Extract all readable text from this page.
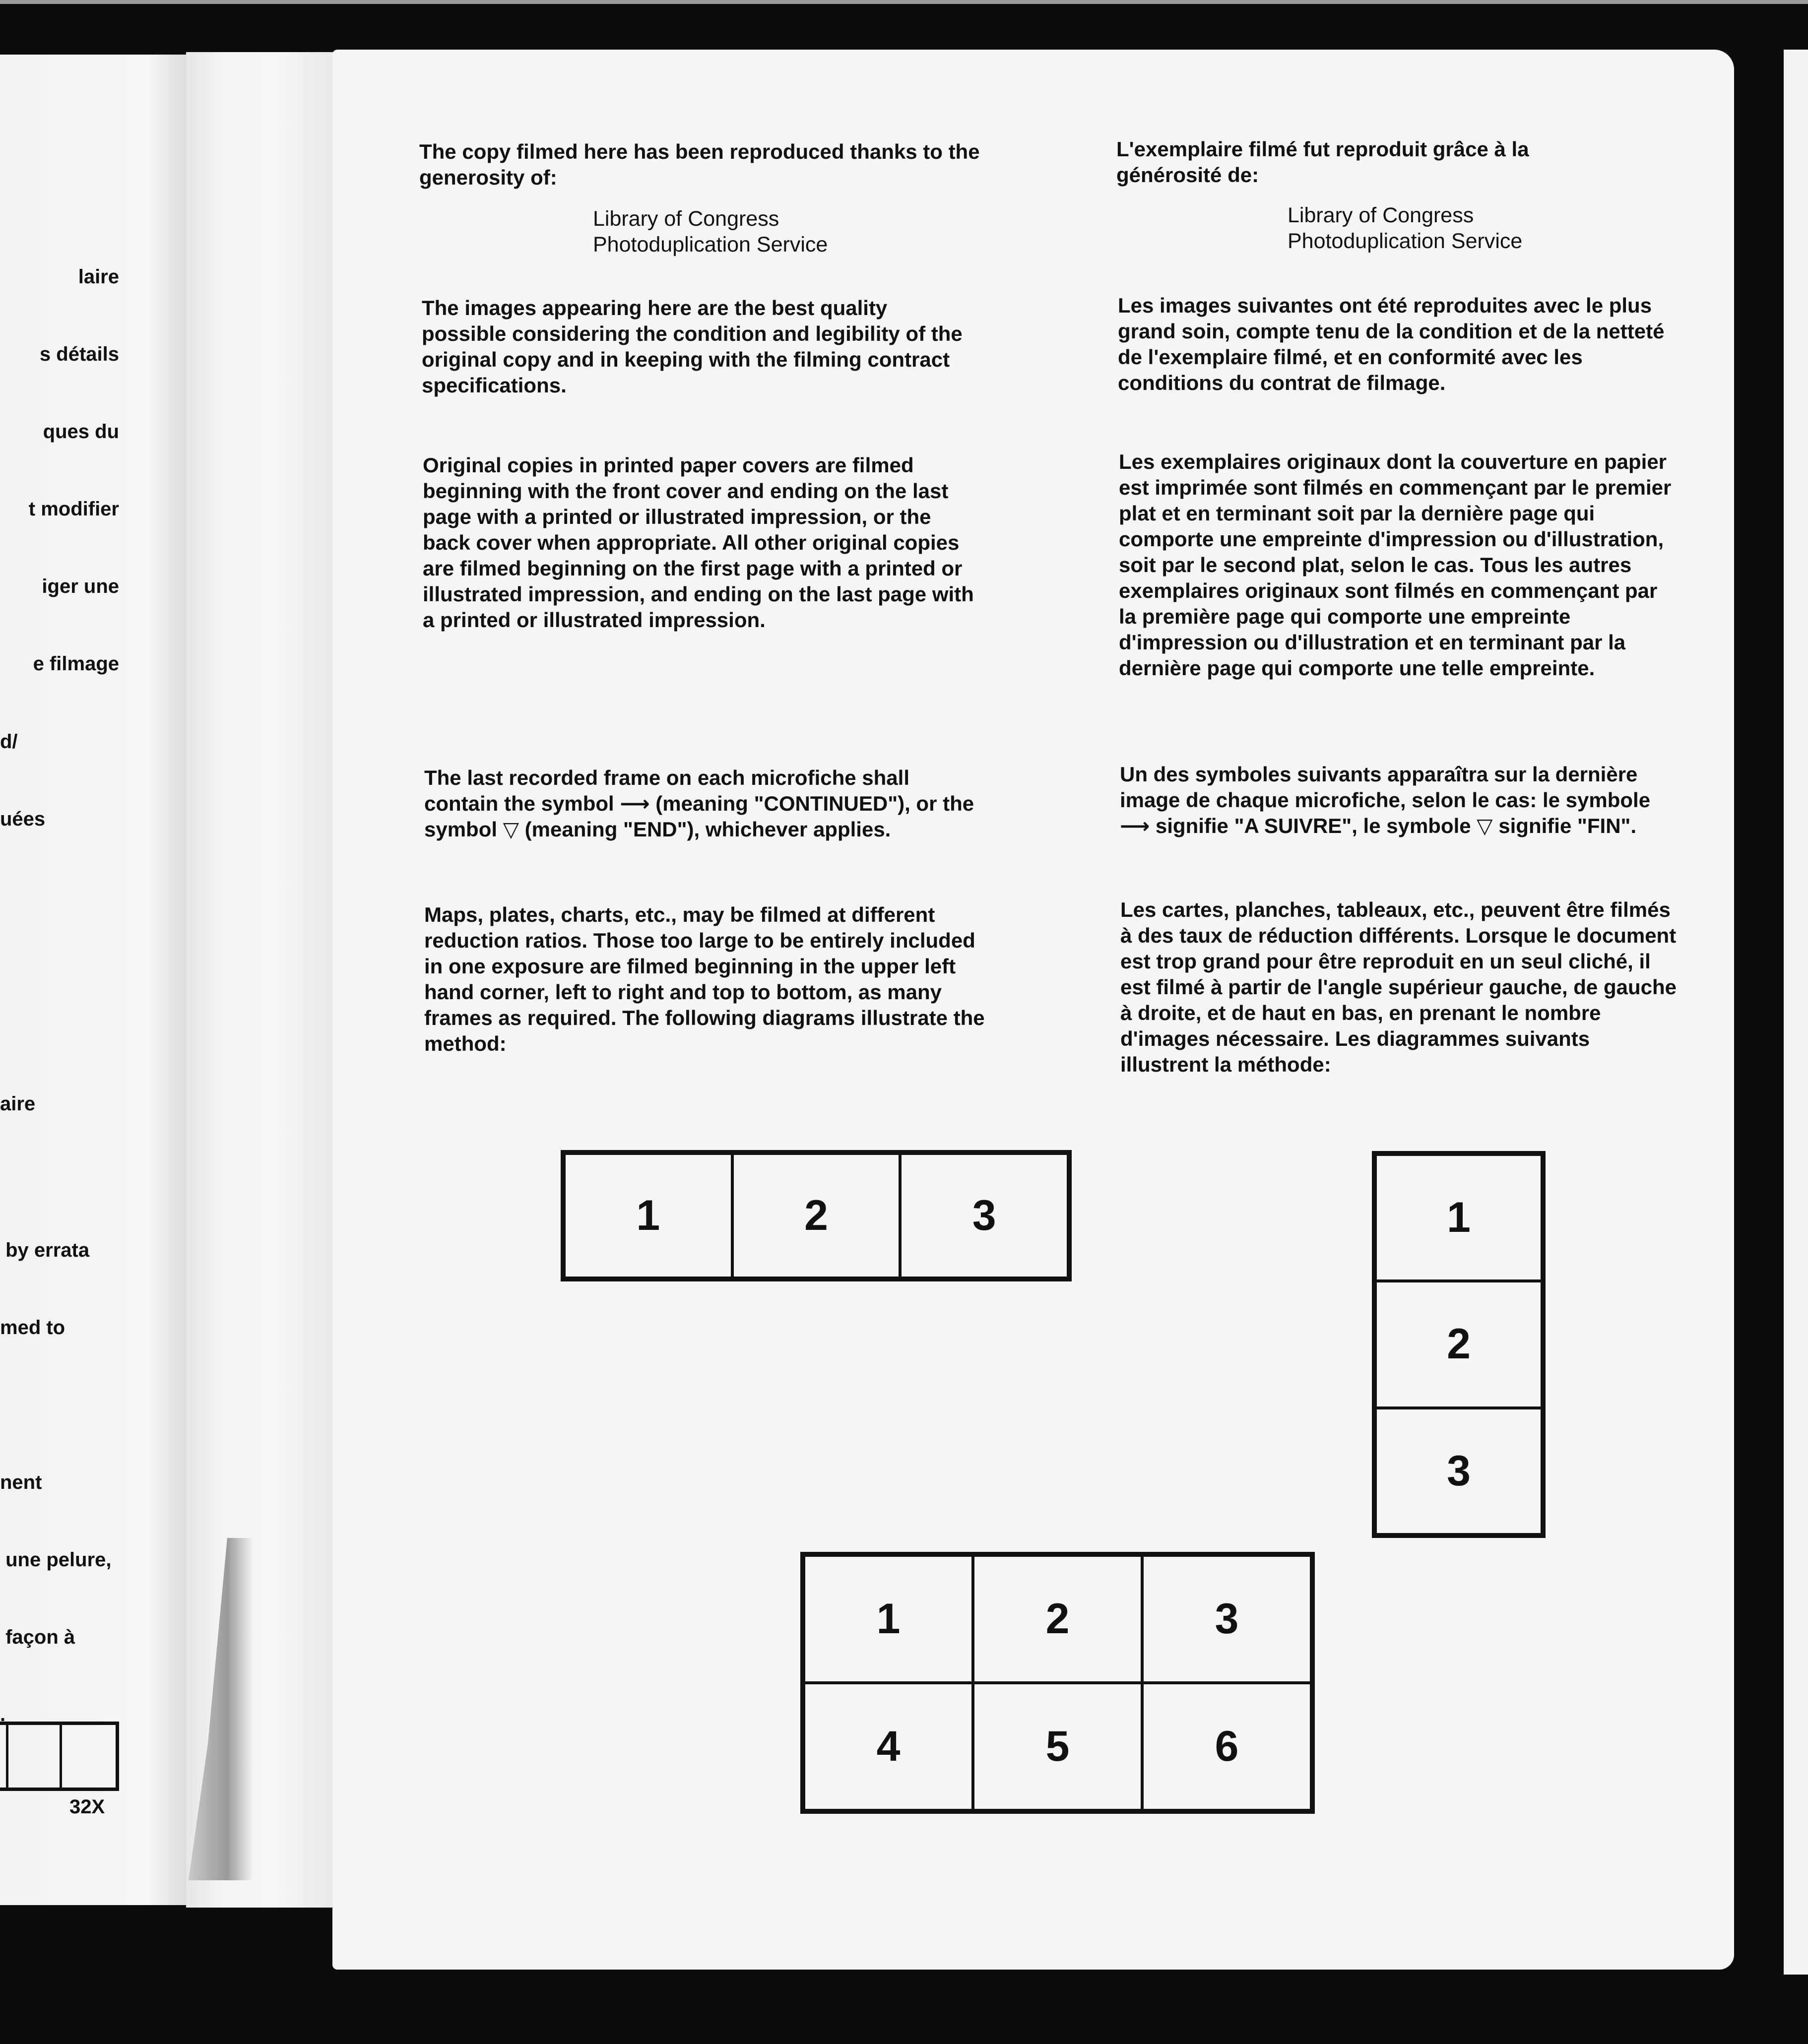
laire

s détails

ques du

t modifier

iger une

e filmage

d/

uées

aire

by errata

med to

nent

une pelure,

façon à

.

32X
The copy filmed here has been reproduced thanks to the generosity of:
Library of Congress
Photoduplication Service
The images appearing here are the best quality possible considering the condition and legibility of the original copy and in keeping with the filming contract specifications.
Original copies in printed paper covers are filmed beginning with the front cover and ending on the last page with a printed or illustrated impression, or the back cover when appropriate. All other original copies are filmed beginning on the first page with a printed or illustrated impression, and ending on the last page with a printed or illustrated impression.
The last recorded frame on each microfiche shall contain the symbol ⟶ (meaning "CONTINUED"), or the symbol ▽ (meaning "END"), whichever applies.
Maps, plates, charts, etc., may be filmed at different reduction ratios. Those too large to be entirely included in one exposure are filmed beginning in the upper left hand corner, left to right and top to bottom, as many frames as required. The following diagrams illustrate the method:
L'exemplaire filmé fut reproduit grâce à la générosité de:
Library of Congress
Photoduplication Service
Les images suivantes ont été reproduites avec le plus grand soin, compte tenu de la condition et de la netteté de l'exemplaire filmé, et en conformité avec les conditions du contrat de filmage.
Les exemplaires originaux dont la couverture en papier est imprimée sont filmés en commençant par le premier plat et en terminant soit par la dernière page qui comporte une empreinte d'impression ou d'illustration, soit par le second plat, selon le cas. Tous les autres exemplaires originaux sont filmés en commençant par la première page qui comporte une empreinte d'impression ou d'illustration et en terminant par la dernière page qui comporte une telle empreinte.
Un des symboles suivants apparaîtra sur la dernière image de chaque microfiche, selon le cas: le symbole ⟶ signifie "A SUIVRE", le symbole ▽ signifie "FIN".
Les cartes, planches, tableaux, etc., peuvent être filmés à des taux de réduction différents. Lorsque le document est trop grand pour être reproduit en un seul cliché, il est filmé à partir de l'angle supérieur gauche, de gauche à droite, et de haut en bas, en prenant le nombre d'images nécessaire. Les diagrammes suivants illustrent la méthode:
1	2	3	1
2
3
1	2	3
4	5	6
